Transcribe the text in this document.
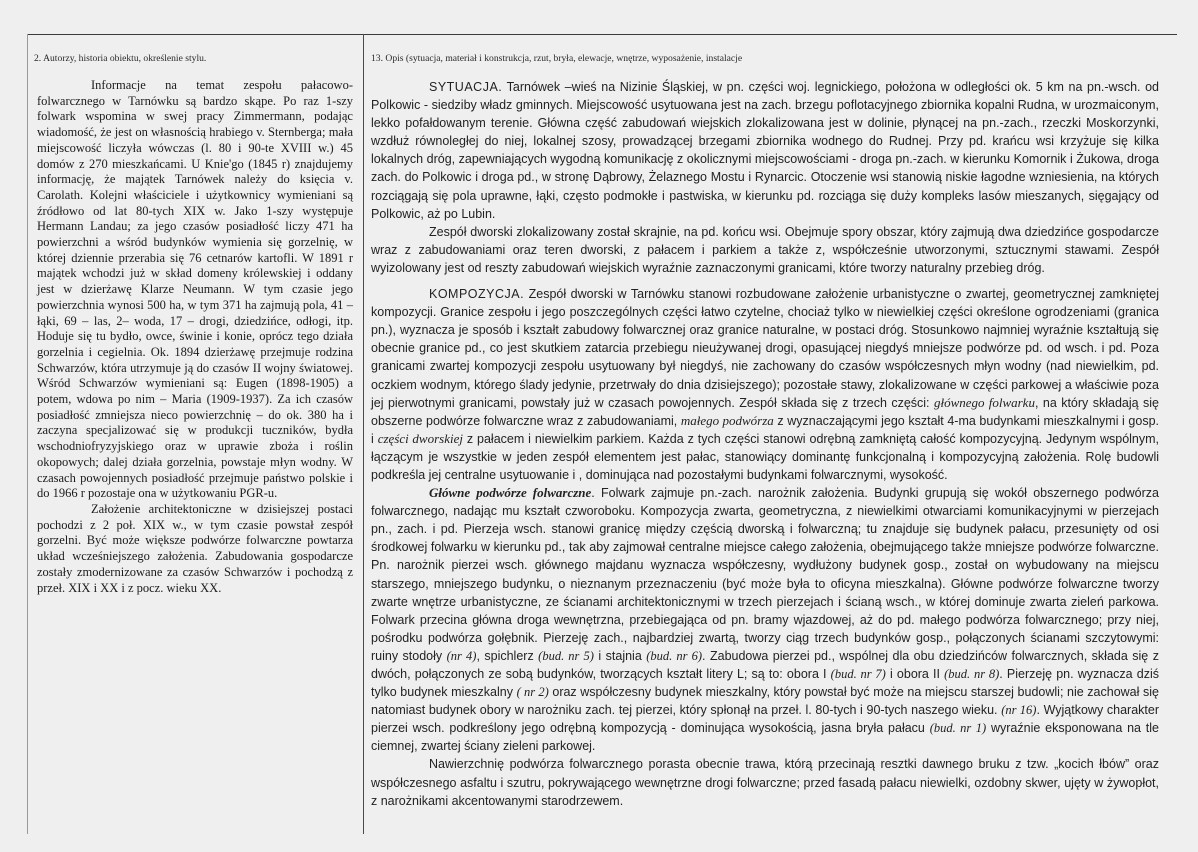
2. Autorzy, historia obiektu, określenie stylu.	13. Opis (sytuacja, materiał i konstrukcja, rzut, bryła, elewacje, wnętrze, wyposażenie, instalacje

Informacje na temat zespołu pałacowo-folwarcznego w Tarnówku są bardzo skąpe. Po raz 1-szy folwark wspomina w swej pracy Zimmermann, podając wiadomość, że jest on własnością hrabiego v. Sternberga; mała miejscowość liczyła wówczas (l. 80 i 90-te XVIII w.) 45 domów z 270 mieszkańcami. U Knie'go (1845 r) znajdujemy informację, że majątek Tarnówek należy do księcia v. Carolath. Kolejni właściciele i użytkownicy wymieniani są źródłowo od lat 80-tych XIX w. Jako 1-szy występuje Hermann Landau; za jego czasów posiadłość liczy 471 ha powierzchni a wśród budynków wymienia się gorzelnię, w której dziennie przerabia się 76 cetnarów kartofli. W 1891 r majątek wchodzi już w skład domeny królewskiej i oddany jest w dzierżawę Klarze Neumann. W tym czasie jego powierzchnia wynosi 500 ha, w tym 371 ha zajmują pola, 41 – łąki, 69 – las, 2– woda, 17 – drogi, dziedzińce, odłogi, itp. Hoduje się tu bydło, owce, świnie i konie, oprócz tego działa gorzelnia i cegielnia. Ok. 1894 dzierżawę przejmuje rodzina Schwarzów, która utrzymuje ją do czasów II wojny światowej. Wśród Schwarzów wymieniani są: Eugen (1898-1905) a potem, wdowa po nim – Maria (1909-1937). Za ich czasów posiadłość zmniejsza nieco powierzchnię – do ok. 380 ha i zaczyna specjalizować się w produkcji tuczników, bydła wschodniofryzyjskiego oraz w uprawie zboża i roślin okopowych; dalej działa gorzelnia, powstaje młyn wodny. W czasach powojennych posiadłość przejmuje państwo polskie i do 1966 r pozostaje ona w użytkowaniu PGR-u.

Założenie architektoniczne w dzisiejszej postaci pochodzi z 2 poł. XIX w., w tym czasie powstał zespół gorzelni. Być może większe podwórze folwarczne powtarza układ wcześniejszego założenia. Zabudowania gospodarcze zostały zmodernizowane za czasów Schwarzów i pochodzą z przeł. XIX i XX i z pocz. wieku XX.

SYTUACJA. Tarnówek –wieś na Nizinie Śląskiej, w pn. części woj. legnickiego, położona w odległości ok. 5 km na pn.-wsch. od Polkowic - siedziby władz gminnych. Miejscowość usytuowana jest na zach. brzegu poflotacyjnego zbiornika kopalni Rudna, w urozmaiconym, lekko pofałdowanym terenie. Główna część zabudowań wiejskich zlokalizowana jest w dolinie, płynącej na pn.-zach., rzeczki Moskorzynki, wzdłuż równoległej do niej, lokalnej szosy, prowadzącej brzegami zbiornika wodnego do Rudnej. Przy pd. krańcu wsi krzyżuje się kilka lokalnych dróg, zapewniających wygodną komunikację z okolicznymi miejscowościami - droga pn.-zach. w kierunku Komornik i Żukowa, droga zach. do Polkowic i droga pd., w stronę Dąbrowy, Żelaznego Mostu i Rynarcic. Otoczenie wsi stanowią niskie łagodne wzniesienia, na których rozciągają się pola uprawne, łąki, często podmokłe i pastwiska, w kierunku pd. rozciąga się duży kompleks lasów mieszanych, sięgający od Polkowic, aż po Lubin.

Zespół dworski zlokalizowany został skrajnie, na pd. końcu wsi. Obejmuje spory obszar, który zajmują dwa dziedzińce gospodarcze wraz z zabudowaniami oraz teren dworski, z pałacem i parkiem a także z, współcześnie utworzonymi, sztucznymi stawami. Zespół wyizolowany jest od reszty zabudowań wiejskich wyraźnie zaznaczonymi granicami, które tworzy naturalny przebieg dróg.

KOMPOZYCJA. Zespół dworski w Tarnówku stanowi rozbudowane założenie urbanistyczne o zwartej, geometrycznej zamkniętej kompozycji. Granice zespołu i jego poszczególnych części łatwo czytelne, chociaż tylko w niewielkiej części określone ogrodzeniami (granica pn.), wyznacza je sposób i kształt zabudowy folwarcznej oraz granice naturalne, w postaci dróg. Stosunkowo najmniej wyraźnie kształtują się obecnie granice pd., co jest skutkiem zatarcia przebiegu nieużywanej drogi, opasującej niegdyś mniejsze podwórze pd. od wsch. i pd. Poza granicami zwartej kompozycji zespołu usytuowany był niegdyś, nie zachowany do czasów współczesnych młyn wodny (nad niewielkim, pd. oczkiem wodnym, którego ślady jedynie, przetrwały do dnia dzisiejszego); pozostałe stawy, zlokalizowane w części parkowej a właściwie poza jej pierwotnymi granicami, powstały już w czasach powojennych. Zespół składa się z trzech części: głównego folwarku, na który składają się obszerne podwórze folwarczne wraz z zabudowaniami, małego podwórza z wyznaczającymi jego kształt 4-ma budynkami mieszkalnymi i gosp. i części dworskiej z pałacem i niewielkim parkiem. Każda z tych części stanowi odrębną zamkniętą całość kompozycyjną. Jedynym wspólnym, łączącym je wszystkie w jeden zespół elementem jest pałac, stanowiący dominantę funkcjonalną i kompozycyjną założenia. Rolę budowli podkreśla jej centralne usytuowanie i , dominująca nad pozostałymi budynkami folwarcznymi, wysokość.

Główne podwórze folwarczne. Folwark zajmuje pn.-zach. narożnik założenia. Budynki grupują się wokół obszernego podwórza folwarcznego, nadając mu kształt czworoboku. Kompozycja zwarta, geometryczna, z niewielkimi otwarciami komunikacyjnymi w pierzejach pn., zach. i pd. Pierzeja wsch. stanowi granicę między częścią dworską i folwarczną; tu znajduje się budynek pałacu, przesunięty od osi środkowej folwarku w kierunku pd., tak aby zajmował centralne miejsce całego założenia, obejmującego także mniejsze podwórze folwarczne. Pn. narożnik pierzei wsch. głównego majdanu wyznacza współczesny, wydłużony budynek gosp., został on wybudowany na miejscu starszego, mniejszego budynku, o nieznanym przeznaczeniu (być może była to oficyna mieszkalna). Główne podwórze folwarczne tworzy zwarte wnętrze urbanistyczne, ze ścianami architektonicznymi w trzech pierzejach i ścianą wsch., w której dominuje zwarta zieleń parkowa. Folwark przecina główna droga wewnętrzna, przebiegająca od pn. bramy wjazdowej, aż do pd. małego podwórza folwarcznego; przy niej, pośrodku podwórza gołębnik. Pierzeję zach., najbardziej zwartą, tworzy ciąg trzech budynków gosp., połączonych ścianami szczytowymi: ruiny stodoły (nr 4), spichlerz (bud. nr 5) i stajnia (bud. nr 6). Zabudowa pierzei pd., wspólnej dla obu dziedzińców folwarcznych, składa się z dwóch, połączonych ze sobą budynków, tworzących kształt litery L; są to: obora I (bud. nr 7) i obora II (bud. nr 8). Pierzeję pn. wyznacza dziś tylko budynek mieszkalny ( nr 2) oraz współczesny budynek mieszkalny, który powstał być może na miejscu starszej budowli; nie zachował się natomiast budynek obory w narożniku zach. tej pierzei, który spłonął na przeł. l. 80-tych i 90-tych naszego wieku. (nr 16). Wyjątkowy charakter pierzei wsch. podkreślony jego odrębną kompozycją - dominująca wysokością, jasna bryła pałacu (bud. nr 1) wyraźnie eksponowana na tle ciemnej, zwartej ściany zieleni parkowej.

Nawierzchnię podwórza folwarcznego porasta obecnie trawa, którą przecinają resztki dawnego bruku z tzw. „kocich łbów” oraz współczesnego asfaltu i szutru, pokrywającego wewnętrzne drogi folwarczne; przed fasadą pałacu niewielki, ozdobny skwer, ujęty w żywopłot, z narożnikami akcentowanymi starodrzewem.
